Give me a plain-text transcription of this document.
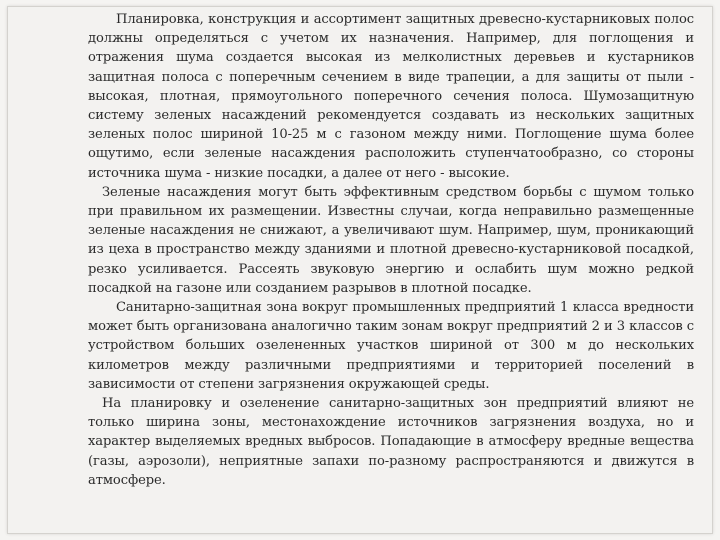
Планировка, конструкция и ассортимент защитных древесно-кустарниковых полос должны определяться с учетом их назначения. Например, для поглощения и отражения шума создается высокая из мелколистных деревьев и кустарников защитная полоса с поперечным сечением в виде трапеции, а для защиты от пыли - высокая, плотная, прямоугольного поперечного сечения полоса. Шумозащитную систему зеленых насаждений рекомендуется создавать из нескольких защитных зеленых полос шириной 10-25 м с газоном между ними. Поглощение шума более ощутимо, если зеленые насаждения расположить ступенчатообразно, со стороны источника шума - низкие посадки, а далее от него - высокие.

Зеленые насаждения могут быть эффективным средством борьбы с шумом только при правильном их размещении. Известны случаи, когда неправильно размещенные зеленые насаждения не снижают, а увеличивают шум. Например, шум, проникающий из цеха в пространство между зданиями и плотной древесно-кустарниковой посадкой, резко усиливается. Рассеять звуковую энергию и ослабить шум можно редкой посадкой на газоне или созданием разрывов в плотной посадке.

Санитарно-защитная зона вокруг промышленных предприятий 1 класса вредности может быть организована аналогично таким зонам вокруг предприятий 2 и 3 классов с устройством больших озелененных участков шириной от 300 м до нескольких километров между различными предприятиями и территорией поселений в зависимости от степени загрязнения окружающей среды.

На планировку и озеленение санитарно-защитных зон предприятий влияют не только ширина зоны, местонахождение источников загрязнения воздуха, но и характер выделяемых вредных выбросов. Попадающие в атмосферу вредные вещества (газы, аэрозоли), неприятные запахи по-разному распространяются и движутся в атмосфере.
